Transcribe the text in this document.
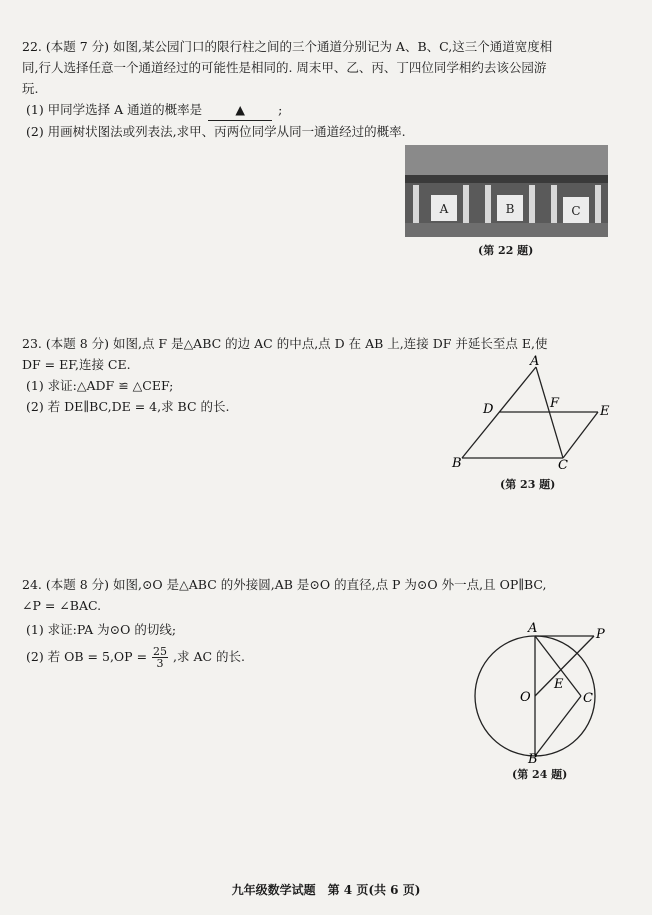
22. (本题 7 分) 如图,某公园门口的限行柱之间的三个通道分别记为 A、B、C,这三个通道宽度相

同,行人选择任意一个通道经过的可能性是相同的. 周末甲、乙、丙、丁四位同学相约去该公园游

玩.

(1) 甲同学选择 A 通道的概率是	▲	;

(2) 用画树状图法或列表法,求甲、丙两位同学从同一通道经过的概率.

A	B	C
(第 22 题)

23. (本题 8 分) 如图,点 F 是△ABC 的边 AC 的中点,点 D 在 AB 上,连接 DF 并延长至点 E,使

DF = EF,连接 CE.

(1) 求证:△ADF ≌ △CEF;

(2) 若 DE∥BC,DE = 4,求 BC 的长.

A
B	C
D	E
F
(第 23 题)

24. (本题 8 分) 如图,⊙O 是△ABC 的外接圆,AB 是⊙O 的直径,点 P 为⊙O 外一点,且 OP∥BC,

∠P = ∠BAC.

(1) 求证:PA 为⊙O 的切线;

(2) 若 OB = $5,OP = \frac{25}{3}$ ,求 AC 的长.

A	P
O
E
C
B
(第 24 题)
九年级数学试题　第 4 页(共 6 页)
